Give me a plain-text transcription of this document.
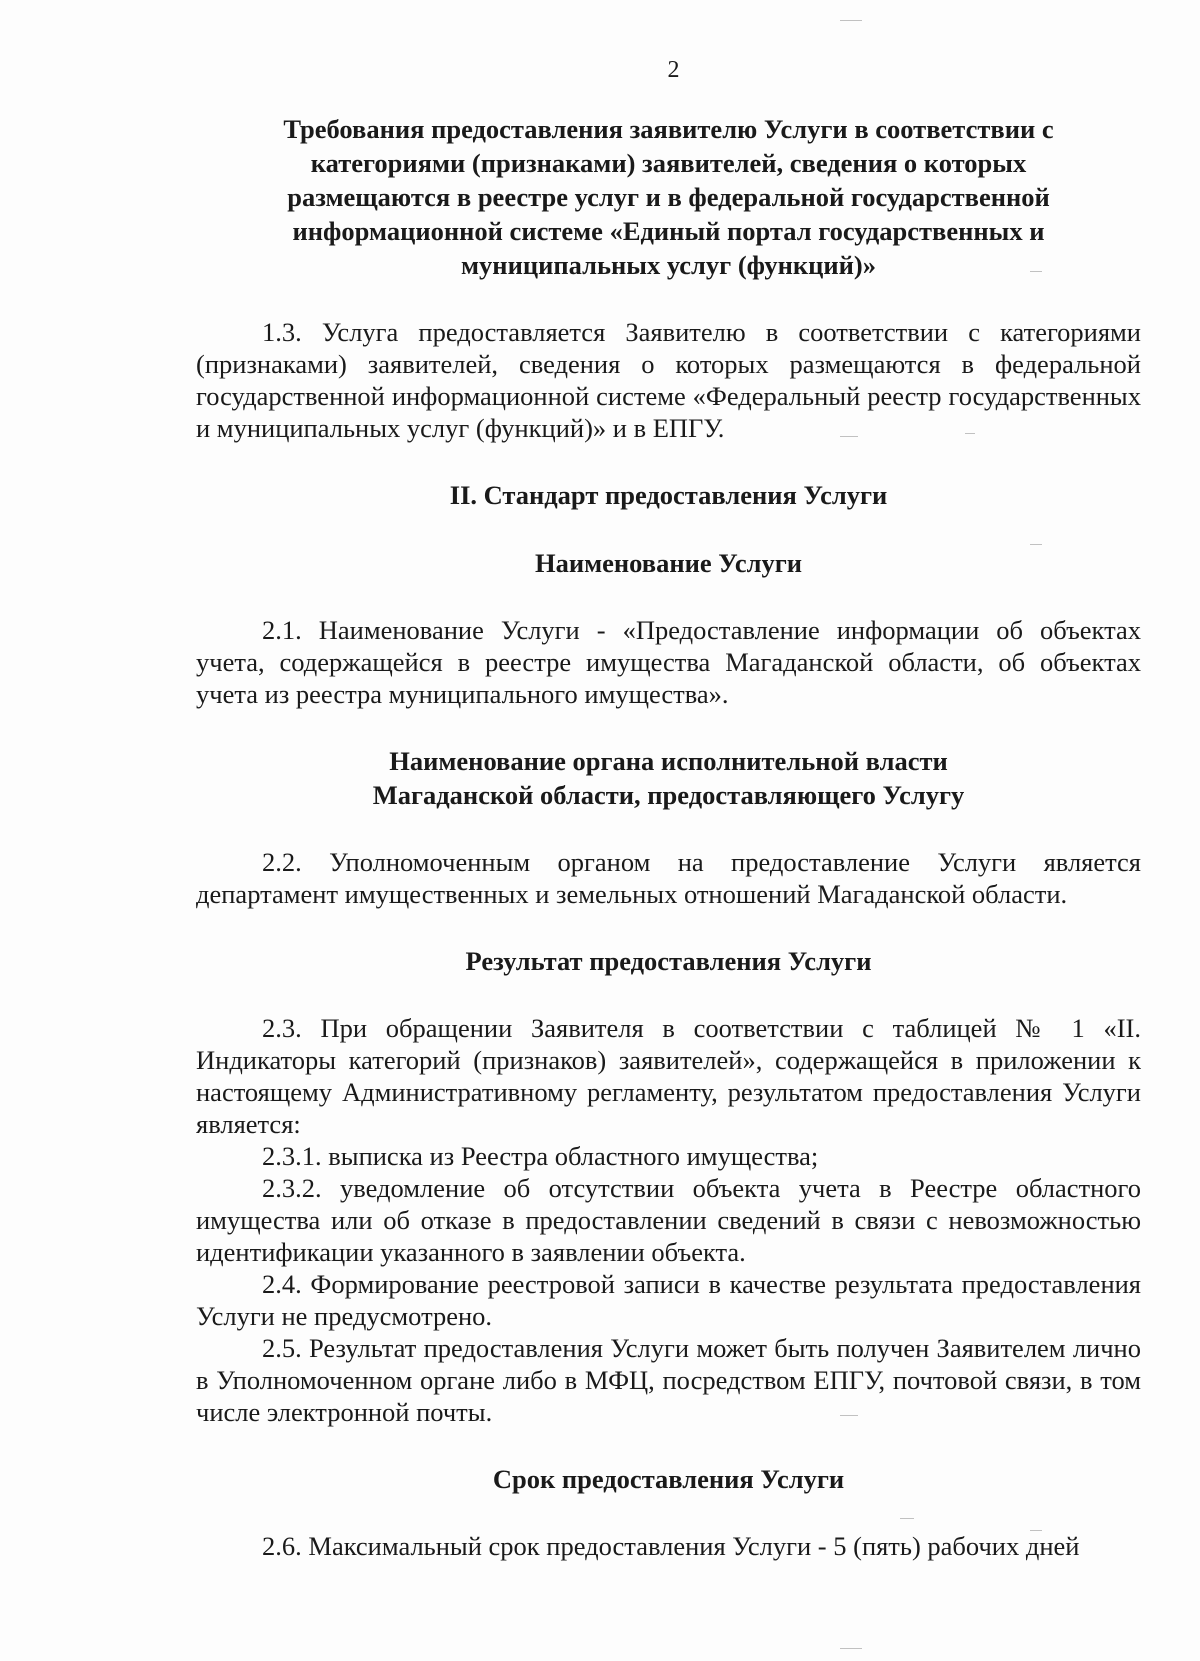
2

Требования предоставления заявителю Услуги в соответствии с категориями (признаками) заявителей, сведения о которых размещаются в реестре услуг и в федеральной государственной информационной системе «Единый портал государственных и муниципальных услуг (функций)»

1.3. Услуга предоставляется Заявителю в соответствии с категориями (признаками) заявителей, сведения о которых размещаются в федеральной государственной информационной системе «Федеральный реестр государственных и муниципальных услуг (функций)» и в ЕПГУ.

II. Стандарт предоставления Услуги

Наименование Услуги

2.1. Наименование Услуги - «Предоставление информации об объектах учета, содержащейся в реестре имущества Магаданской области, об объектах учета из реестра муниципального имущества».

Наименование органа исполнительной власти

Магаданской области, предоставляющего Услугу

2.2. Уполномоченным органом на предоставление Услуги является департамент имущественных и земельных отношений Магаданской области.

Результат предоставления Услуги

2.3. При обращении Заявителя в соответствии с таблицей № 1 «II. Индикаторы категорий (признаков) заявителей», содержащейся в приложении к настоящему Административному регламенту, результатом предоставления Услуги является:

2.3.1. выписка из Реестра областного имущества;

2.3.2. уведомление об отсутствии объекта учета в Реестре областного имущества или об отказе в предоставлении сведений в связи с невозможностью идентификации указанного в заявлении объекта.

2.4. Формирование реестровой записи в качестве результата предоставления Услуги не предусмотрено.

2.5. Результат предоставления Услуги может быть получен Заявителем лично в Уполномоченном органе либо в МФЦ, посредством ЕПГУ, почтовой связи, в том числе электронной почты.

Срок предоставления Услуги

2.6. Максимальный срок предоставления Услуги - 5 (пять) рабочих дней
